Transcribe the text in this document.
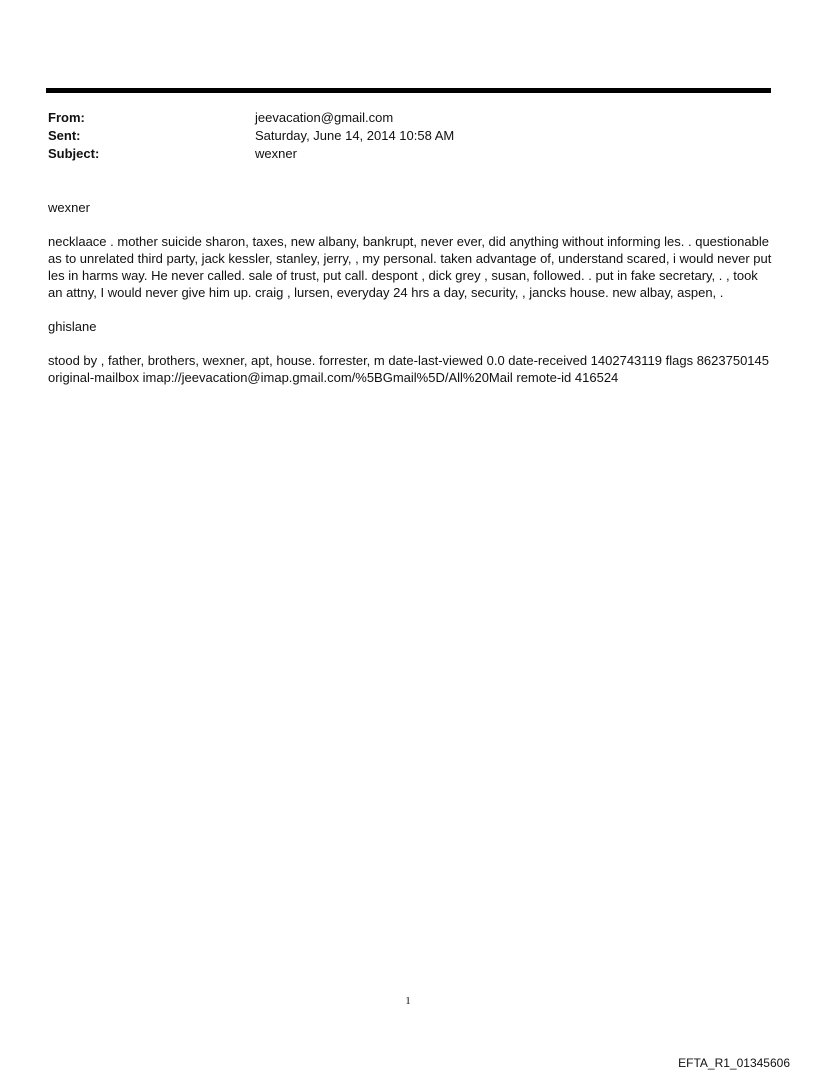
From:	jeevacation@gmail.com
Sent:	Saturday, June 14, 2014 10:58 AM
Subject:	wexner

wexner

necklaace . mother suicide sharon, taxes, new albany, bankrupt, never ever, did anything without informing les. . questionable as to unrelated third party, jack kessler, stanley, jerry, , my personal. taken advantage of, understand scared, i would never put les in harms way. He never called. sale of trust, put call. despont , dick grey , susan, followed. . put in fake secretary, . , took an attny, I would never give him up. craig , lursen, everyday 24 hrs a day, security, , jancks house. new albay, aspen, .

ghislane

stood by , father, brothers, wexner, apt, house. forrester, m date-last-viewed 0.0 date-received 1402743119 flags 8623750145 original-mailbox imap://jeevacation@imap.gmail.com/%5BGmail%5D/All%20Mail remote-id 416524

1
EFTA_R1_01345606
